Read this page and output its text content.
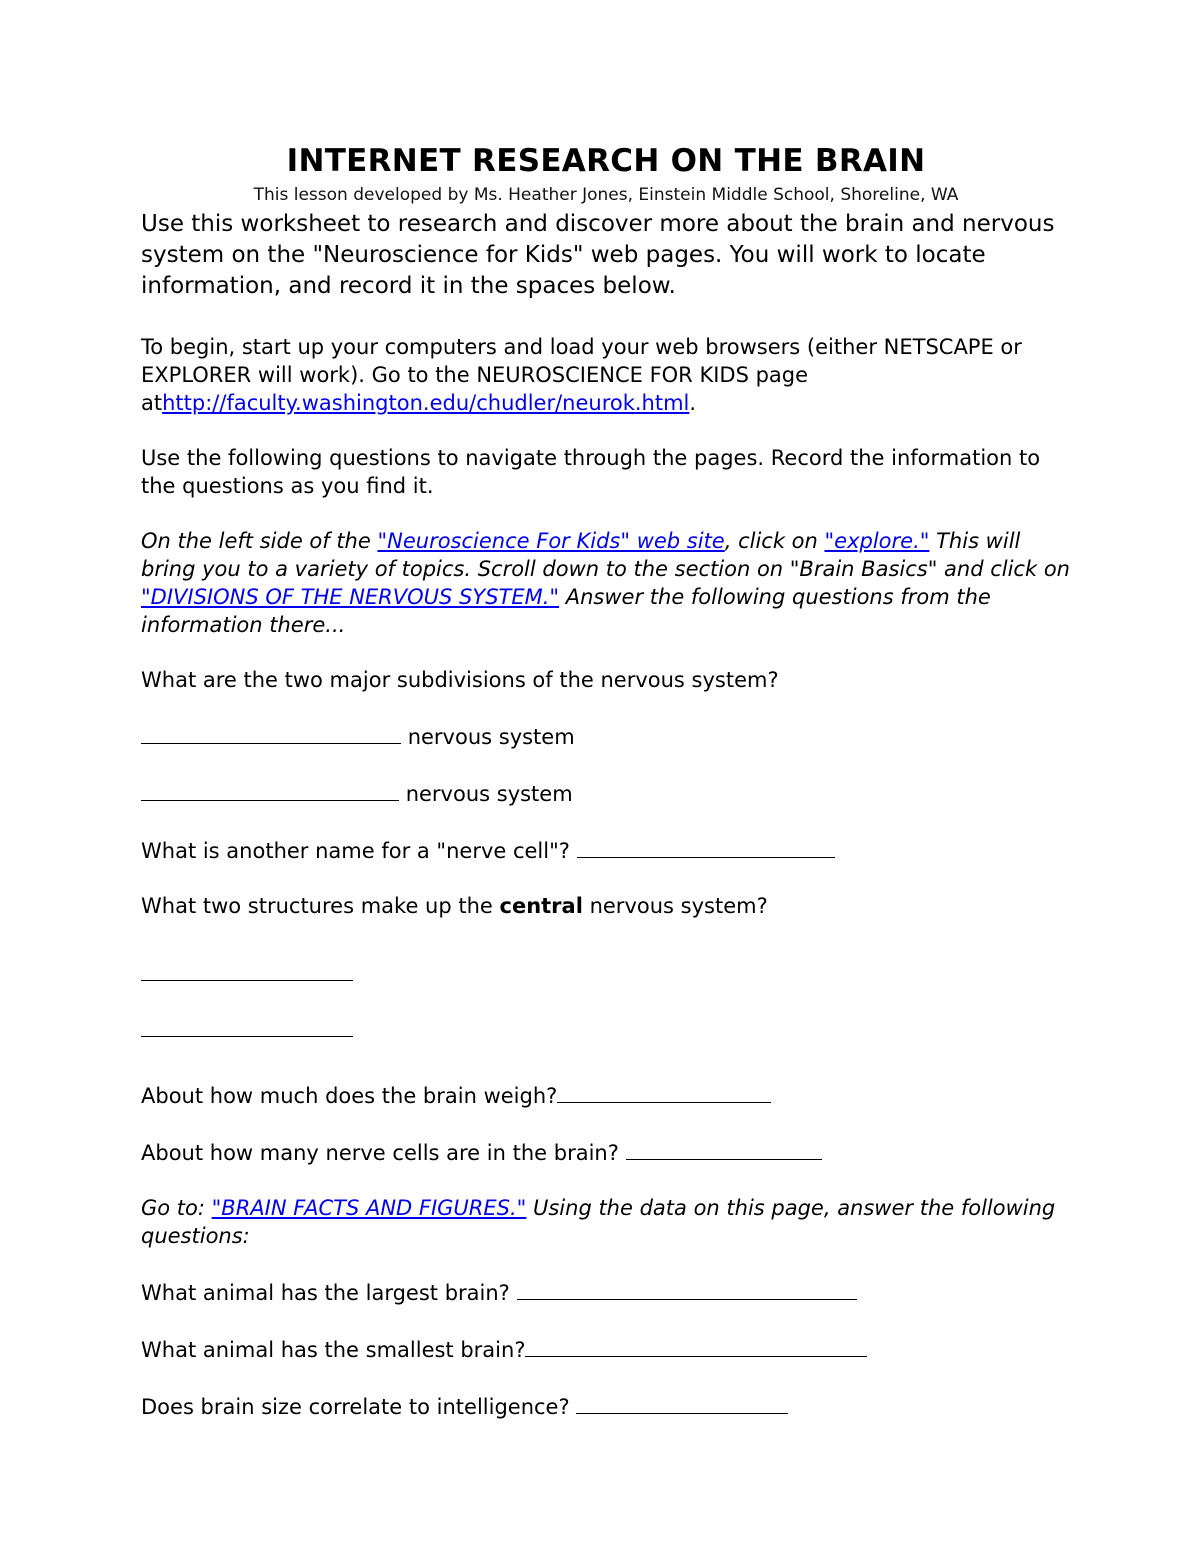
INTERNET RESEARCH ON THE BRAIN

This lesson developed by Ms. Heather Jones, Einstein Middle School, Shoreline, WA

Use this worksheet to research and discover more about the brain and nervous system on the "Neuroscience for Kids" web pages. You will work to locate information, and record it in the spaces below.

To begin, start up your computers and load your web browsers (either NETSCAPE or EXPLORER will work). Go to the NEUROSCIENCE FOR KIDS page athttp://faculty.washington.edu/chudler/neurok.html.

Use the following questions to navigate through the pages. Record the information to the questions as you find it.

On the left side of the "Neuroscience For Kids" web site, click on "explore." This will bring you to a variety of topics. Scroll down to the section on "Brain Basics" and click on "DIVISIONS OF THE NERVOUS SYSTEM." Answer the following questions from the information there...

What are the two major subdivisions of the nervous system?

nervous system

nervous system

What is another name for a "nerve cell"?

What two structures make up the central nervous system?

About how much does the brain weigh?

About how many nerve cells are in the brain?

Go to: "BRAIN FACTS AND FIGURES." Using the data on this page, answer the following questions:

What animal has the largest brain?

What animal has the smallest brain?

Does brain size correlate to intelligence?
